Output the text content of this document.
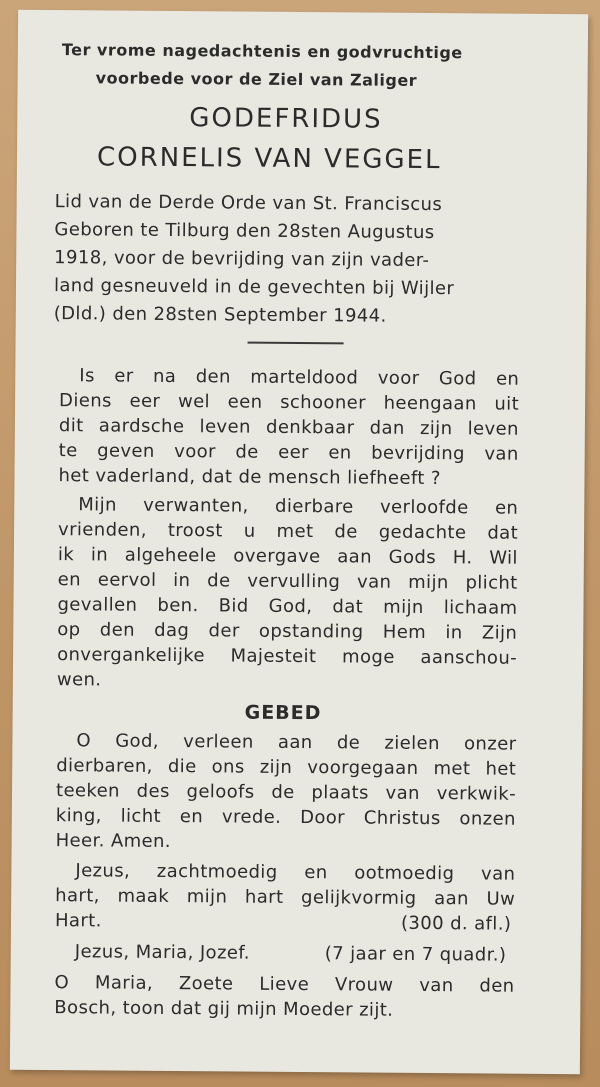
Ter vrome nagedachtenis en godvruchtige
voorbede voor de Ziel van Zaliger
GODEFRIDUS
CORNELIS VAN VEGGEL
Lid van de Derde Orde van St. Franciscus
Geboren te Tilburg den 28sten Augustus
1918, voor de bevrijding van zijn vader-
land gesneuveld in de gevechten bij Wijler
(Dld.) den 28sten September 1944.
Is er na den marteldood voor God en
Diens eer wel een schooner heengaan uit
dit aardsche leven denkbaar dan zijn leven
te geven voor de eer en bevrijding van
het vaderland, dat de mensch liefheeft ?
Mijn verwanten, dierbare verloofde en
vrienden, troost u met de gedachte dat
ik in algeheele overgave aan Gods H. Wil
en eervol in de vervulling van mijn plicht
gevallen ben. Bid God, dat mijn lichaam
op den dag der opstanding Hem in Zijn
onvergankelijke Majesteit moge aanschou-
wen.
GEBED
O God, verleen aan de zielen onzer
dierbaren, die ons zijn voorgegaan met het
teeken des geloofs de plaats van verkwik-
king, licht en vrede. Door Christus onzen
Heer. Amen.
Jezus, zachtmoedig en ootmoedig van
hart, maak mijn hart gelijkvormig aan Uw
Hart.	(300 d. afl.)
Jezus, Maria, Jozef.	(7 jaar en 7 quadr.)
O Maria, Zoete Lieve Vrouw van den
Bosch, toon dat gij mijn Moeder zijt.
